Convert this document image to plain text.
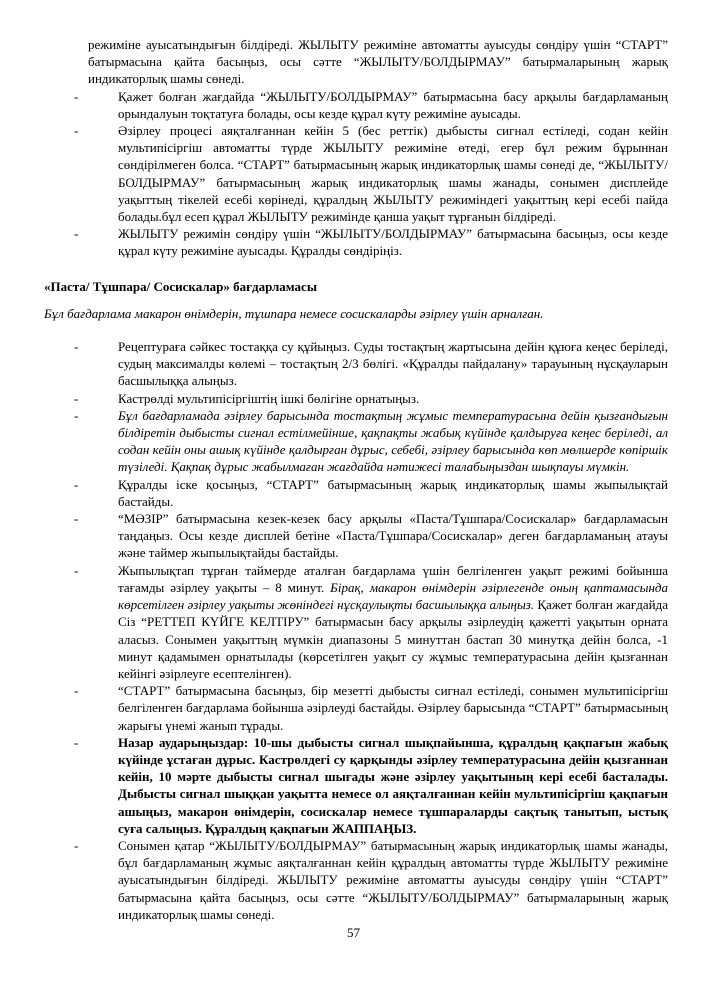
режиміне ауысатындығын білдіреді. ЖЫЛЫТУ режиміне автоматты ауысуды сөндіру үшін “СТАРТ” батырмасына қайта басыңыз, осы сәтте “ЖЫЛЫТУ/БОЛДЫРМАУ” батырмаларының жарық индикаторлық шамы сөнеді.

-	Қажет болған жағдайда “ЖЫЛЫТУ/БОЛДЫРМАУ” батырмасына басу арқылы бағдарламаның орындалуын тоқтатуға болады, осы кезде құрал күту режиміне ауысады.
-	Әзірлеу процесі аяқталғаннан кейін 5 (бес реттік) дыбысты сигнал естіледі, содан кейін мультипісіргіш автоматты түрде ЖЫЛЫТУ режиміне өтеді, егер бұл режим бұрыннан сөндірілмеген болса. “СТАРТ” батырмасының жарық индикаторлық шамы сөнеді де, “ЖЫЛЫТУ/БОЛДЫРМАУ” батырмасының жарық индикаторлық шамы жанады, сонымен дисплейде уақыттың тікелей есебі көрінеді, құралдың ЖЫЛЫТУ режиміндегі уақыттың кері есебі пайда болады.бұл есеп құрал ЖЫЛЫТУ режимінде қанша уақыт тұрғанын білдіреді.
-	ЖЫЛЫТУ режимін сөндіру үшін “ЖЫЛЫТУ/БОЛДЫРМАУ” батырмасына басыңыз, осы кезде құрал күту режиміне ауысады. Құралды сөндіріңіз.

«Паста/ Тұшпара/ Сосискалар» бағдарламасы

Бұл бағдарлама макарон өнімдерін, тұшпара немесе сосискаларды әзірлеу үшін арналған.

-	Рецептураға сәйкес тостаққа су құйыңыз. Суды тостақтың жартысына дейін құюға кеңес беріледі, судың максималды көлемі – тостақтың 2/3 бөлігі. «Құралды пайдалану» тарауының нұсқауларын басшылыққа алыңыз.
-	Кастрөлді мультипісіргіштің ішкі бөлігіне орнатыңыз.
-	Бұл бағдарламада әзірлеу барысында тостақтың жұмыс температурасына дейін қызғандығын білдіретін дыбысты сигнал естілмейінше, қақпақты жабық күйінде қалдыруға кеңес беріледі, ал содан кейін оны ашық күйінде қалдырған дұрыс, себебі, әзірлеу барысында көп мөлшерде көпіршік түзіледі. Қақпақ дұрыс жабылмаған жағдайда нәтижесі талабыңыздан шықпауы мүмкін.
-	Құралды іске қосыңыз, “СТАРТ” батырмасының жарық индикаторлық шамы жыпылықтай бастайды.
-	“МӘЗІР” батырмасына кезек-кезек басу арқылы «Паста/Тұшпара/Сосискалар» бағдарламасын таңдаңыз. Осы кезде дисплей бетіне «Паста/Тұшпара/Сосискалар» деген бағдарламаның атауы және таймер жыпылықтайды бастайды.
-	Жыпылықтап тұрған таймерде аталған бағдарлама үшін белгіленген уақыт режимі бойынша тағамды әзірлеу уақыты – 8 минут. Бірақ, макарон өнімдерін әзірлегенде оның қаптамасында көрсетілген әзірлеу уақыты жөніндегі нұсқаулықты басшылыққа алыңыз. Қажет болған жағдайда Сіз “РЕТТЕП КҮЙГЕ КЕЛТІРУ” батырмасын басу арқылы әзірлеудің қажетті уақытын орната аласыз. Сонымен уақыттың мүмкін диапазоны 5 минуттан бастап 30 минутқа дейін болса, -1 минут қадамымен орнатылады (көрсетілген уақыт су жұмыс температурасына дейін қызғаннан кейінгі әзірлеуге есептелінген).
-	“СТАРТ” батырмасына басыңыз, бір мезетті дыбысты сигнал естіледі, сонымен мультипісіргіш белгіленген бағдарлама бойынша әзірлеуді бастайды. Әзірлеу барысында “СТАРТ” батырмасының жарығы үнемі жанып тұрады.
-	Назар аударыңыздар: 10-шы дыбысты сигнал шықпайынша, құралдың қақпағын жабық күйінде ұстаған дұрыс. Кастрөлдегі су қарқынды әзірлеу температурасына дейін қызғаннан кейін, 10 мәрте дыбысты сигнал шығады және әзірлеу уақытының кері есебі басталады. Дыбысты сигнал шыққан уақытта немесе ол аяқталғаннан кейін мультипісіргіш қақпағын ашыңыз, макарон өнімдерін, сосискалар немесе тұшпараларды сақтық танытып, ыстық суға салыңыз. Құралдың қақпағын ЖАППАҢЫЗ.
-	Сонымен қатар “ЖЫЛЫТУ/БОЛДЫРМАУ” батырмасының жарық индикаторлық шамы жанады, бұл бағдарламаның жұмыс аяқталғаннан кейін құралдың автоматты түрде ЖЫЛЫТУ режиміне ауысатындығын білдіреді. ЖЫЛЫТУ режиміне автоматты ауысуды сөндіру үшін “СТАРТ” батырмасына қайта басыңыз, осы сәтте “ЖЫЛЫТУ/БОЛДЫРМАУ” батырмаларының жарық индикаторлық шамы сөнеді.
57
